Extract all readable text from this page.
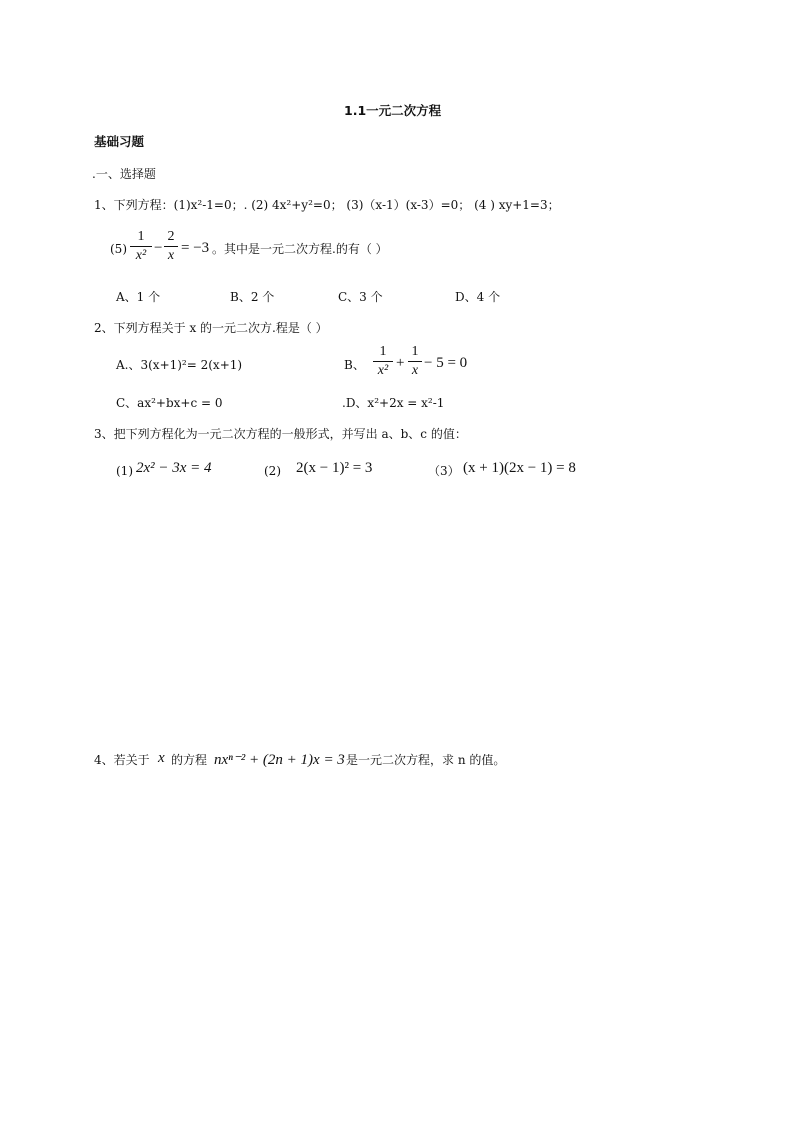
1.1一元二次方程
基础习题
.一、选择题
1、下列方程：(1)x²-1=0；. (2) 4x²+y²=0； (3)（x-1）(x-3）=0； (4 ) xy+1=3；
(5)
1
x² −
2
x = −3 。其中是一元二次方程.的有（ ）
A、1 个	B、2 个	C、3 个	D、4 个
2、下列方程关于 x 的一元二次方.程是（ ）
A.、3(x+1)²= 2(x+1)	B、
1
x² +
1
x − 5 = 0
C、ax²+bx+c = 0	.D、x²+2x = x²-1
3、把下列方程化为一元二次方程的一般形式，并写出 a、b、c 的值：
(1) 2x² − 3x = 4	(2) 2(x − 1)² = 3	（3） (x + 1)(2x − 1) = 8
4、若关于 x 的方程 nxⁿ⁻² + (2n + 1)x = 3 是一元二次方程，求 n 的值。
